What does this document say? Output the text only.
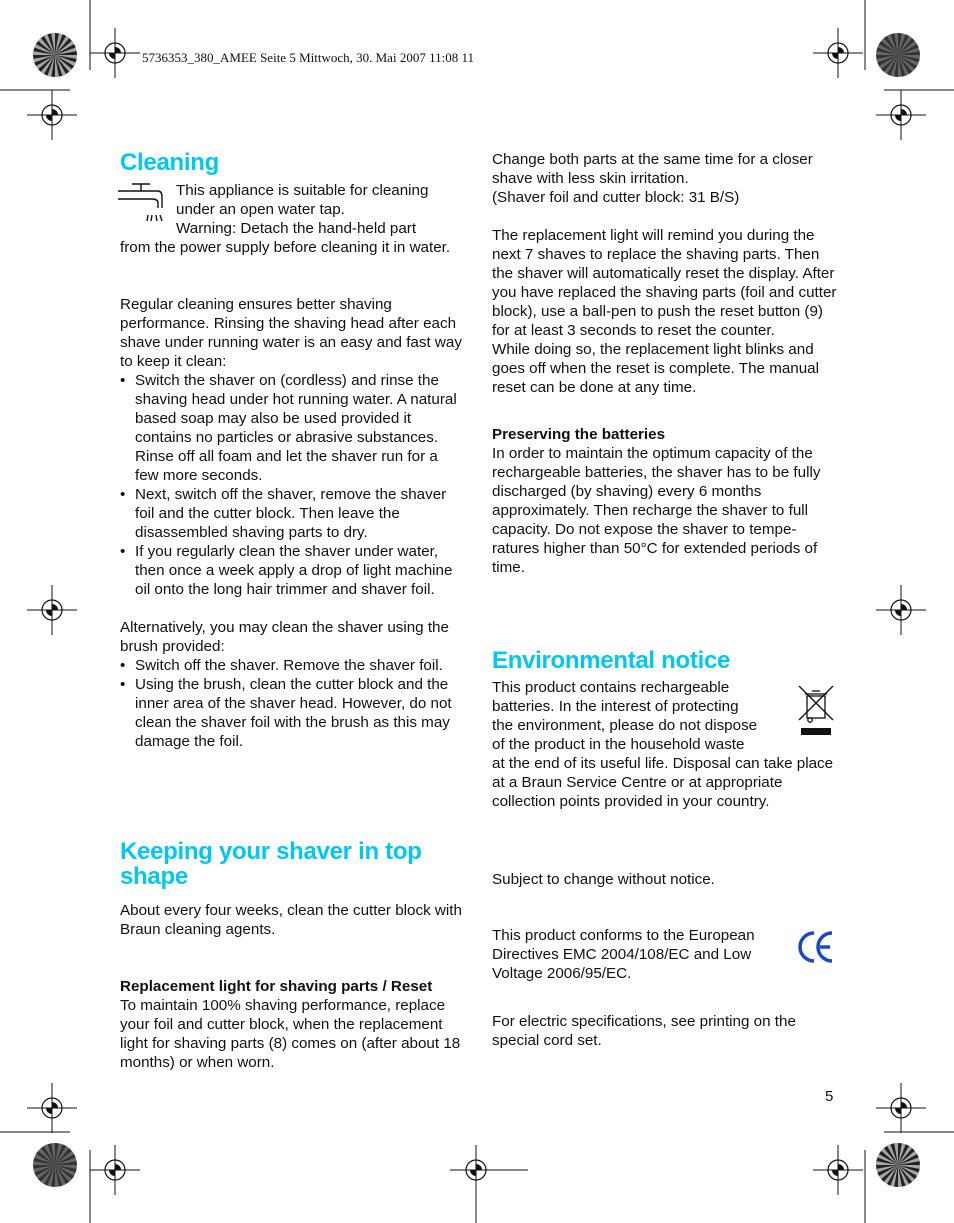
5736353_380_AMEE Seite 5 Mittwoch, 30. Mai 2007 11:08 11

Cleaning

This appliance is suitable for cleaning

under an open water tap.

Warning: Detach the hand-held part

from the power supply before cleaning it in water.

Regular cleaning ensures better shaving performance. Rinsing the shaving head after each shave under running water is an easy and fast way to keep it clean:

• Switch the shaver on (cordless) and rinse the shaving head under hot running water. A natural based soap may also be used provided it contains no particles or abrasive substances. Rinse off all foam and let the shaver run for a few more seconds.

• Next, switch off the shaver, remove the shaver foil and the cutter block. Then leave the disassembled shaving parts to dry.

• If you regularly clean the shaver under water, then once a week apply a drop of light machine oil onto the long hair trimmer and shaver foil.

Alternatively, you may clean the shaver using the brush provided:

• Switch off the shaver. Remove the shaver foil.

• Using the brush, clean the cutter block and the inner area of the shaver head. However, do not clean the shaver foil with the brush as this may damage the foil.

Keeping your shaver in top shape

About every four weeks, clean the cutter block with Braun cleaning agents.

Replacement light for shaving parts / Reset

To maintain 100% shaving performance, replace your foil and cutter block, when the replacement light for shaving parts (8) comes on (after about 18 months) or when worn.

Change both parts at the same time for a closer shave with less skin irritation.

(Shaver foil and cutter block: 31 B/S)

The replacement light will remind you during the next 7 shaves to replace the shaving parts. Then the shaver will automatically reset the display. After you have replaced the shaving parts (foil and cutter block), use a ball-pen to push the reset button (9) for at least 3 seconds to reset the counter.

While doing so, the replacement light blinks and goes off when the reset is complete. The manual reset can be done at any time.

Preserving the batteries

In order to maintain the optimum capacity of the rechargeable batteries, the shaver has to be fully discharged (by shaving) every 6 months approximately. Then recharge the shaver to full capacity. Do not expose the shaver to tempe-ratures higher than 50°C for extended periods of time.

Environmental notice

This product contains rechargeable

batteries. In the interest of protecting

the environment, please do not dispose

of the product in the household waste

at the end of its useful life. Disposal can take place at a Braun Service Centre or at appropriate collection points provided in your country.

Subject to change without notice.

This product conforms to the European Directives EMC 2004/108/EC and Low Voltage 2006/95/EC.

For electric specifications, see printing on the special cord set.

5
